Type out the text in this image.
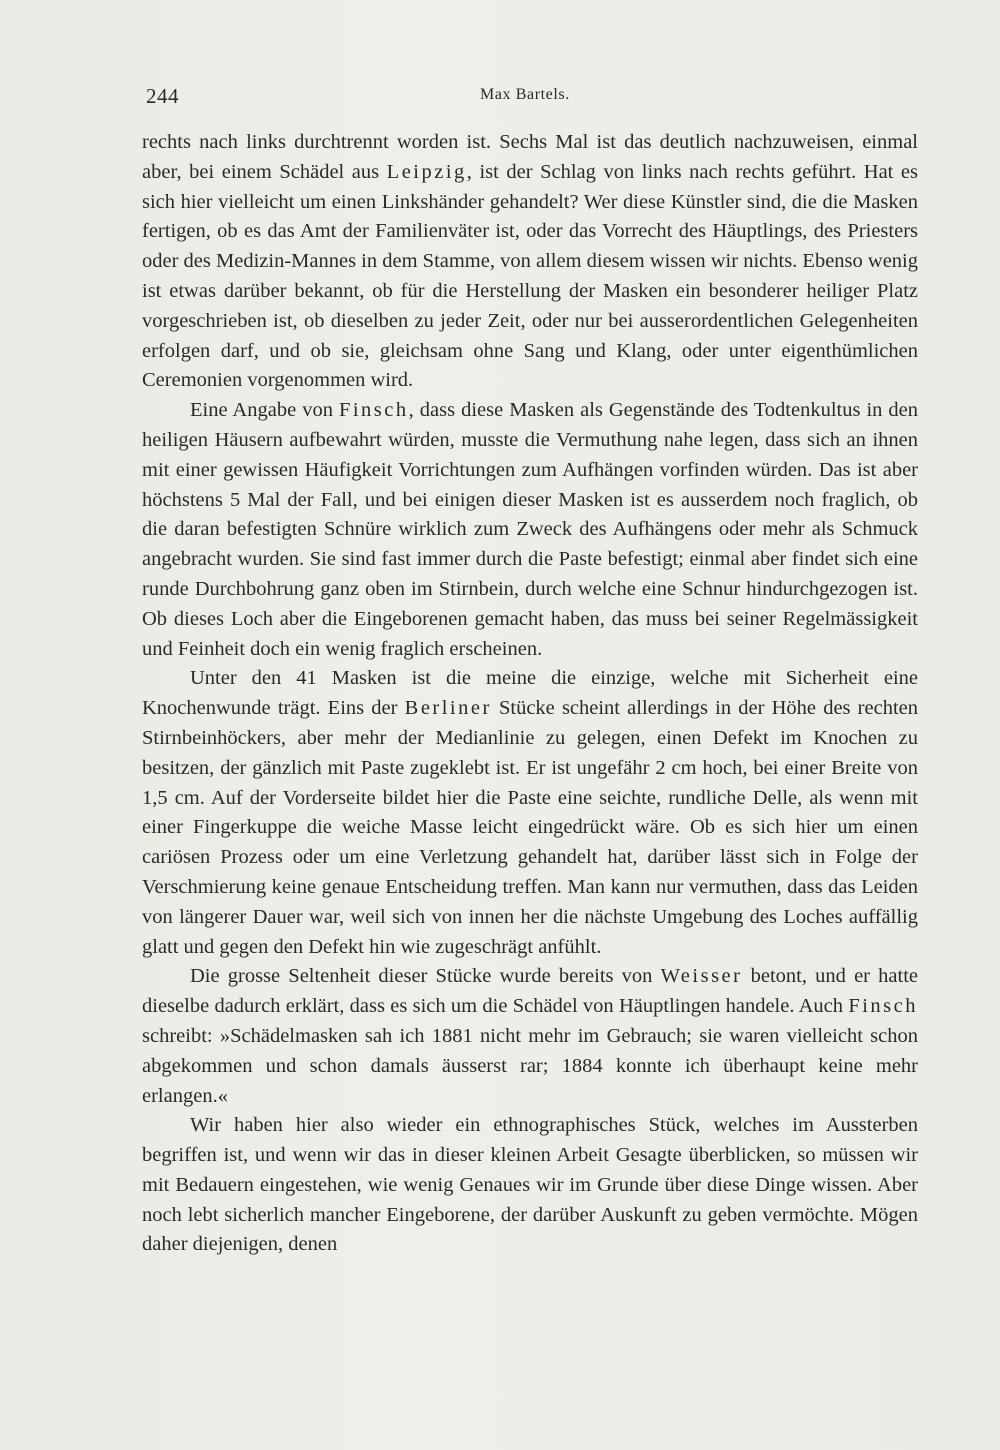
244	Max Bartels.

rechts nach links durchtrennt worden ist. Sechs Mal ist das deutlich nachzuweisen, einmal aber, bei einem Schädel aus Leipzig, ist der Schlag von links nach rechts geführt. Hat es sich hier vielleicht um einen Linkshänder gehandelt? Wer diese Künstler sind, die die Masken fertigen, ob es das Amt der Familienväter ist, oder das Vorrecht des Häuptlings, des Priesters oder des Medizin-Mannes in dem Stamme, von allem diesem wissen wir nichts. Ebenso wenig ist etwas darüber bekannt, ob für die Herstellung der Masken ein besonderer heiliger Platz vorgeschrieben ist, ob dieselben zu jeder Zeit, oder nur bei ausserordentlichen Gelegenheiten erfolgen darf, und ob sie, gleichsam ohne Sang und Klang, oder unter eigenthümlichen Ceremonien vorgenommen wird.

Eine Angabe von Finsch, dass diese Masken als Gegenstände des Todtenkultus in den heiligen Häusern aufbewahrt würden, musste die Vermuthung nahe legen, dass sich an ihnen mit einer gewissen Häufigkeit Vorrichtungen zum Aufhängen vorfinden würden. Das ist aber höchstens 5 Mal der Fall, und bei einigen dieser Masken ist es ausserdem noch fraglich, ob die daran befestigten Schnüre wirklich zum Zweck des Aufhängens oder mehr als Schmuck angebracht wurden. Sie sind fast immer durch die Paste befestigt; einmal aber findet sich eine runde Durchbohrung ganz oben im Stirnbein, durch welche eine Schnur hindurchgezogen ist. Ob dieses Loch aber die Eingeborenen gemacht haben, das muss bei seiner Regelmässigkeit und Feinheit doch ein wenig fraglich erscheinen.

Unter den 41 Masken ist die meine die einzige, welche mit Sicherheit eine Knochenwunde trägt. Eins der Berliner Stücke scheint allerdings in der Höhe des rechten Stirnbeinhöckers, aber mehr der Medianlinie zu gelegen, einen Defekt im Knochen zu besitzen, der gänzlich mit Paste zugeklebt ist. Er ist ungefähr 2 cm hoch, bei einer Breite von 1,5 cm. Auf der Vorderseite bildet hier die Paste eine seichte, rundliche Delle, als wenn mit einer Fingerkuppe die weiche Masse leicht eingedrückt wäre. Ob es sich hier um einen cariösen Prozess oder um eine Verletzung gehandelt hat, darüber lässt sich in Folge der Verschmierung keine genaue Entscheidung treffen. Man kann nur vermuthen, dass das Leiden von längerer Dauer war, weil sich von innen her die nächste Umgebung des Loches auffällig glatt und gegen den Defekt hin wie zugeschrägt anfühlt.

Die grosse Seltenheit dieser Stücke wurde bereits von Weisser betont, und er hatte dieselbe dadurch erklärt, dass es sich um die Schädel von Häuptlingen handele. Auch Finsch schreibt: »Schädelmasken sah ich 1881 nicht mehr im Gebrauch; sie waren vielleicht schon abgekommen und schon damals äusserst rar; 1884 konnte ich überhaupt keine mehr erlangen.«

Wir haben hier also wieder ein ethnographisches Stück, welches im Aussterben begriffen ist, und wenn wir das in dieser kleinen Arbeit Gesagte überblicken, so müssen wir mit Bedauern eingestehen, wie wenig Genaues wir im Grunde über diese Dinge wissen. Aber noch lebt sicherlich mancher Eingeborene, der darüber Auskunft zu geben vermöchte. Mögen daher diejenigen, denen
